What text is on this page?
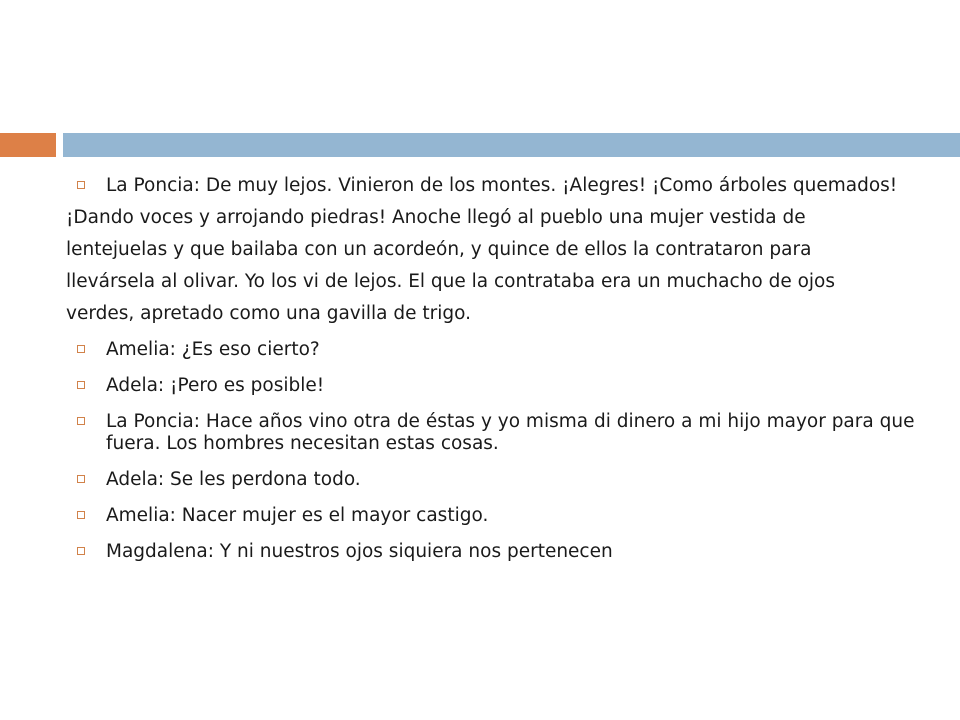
La Poncia: De muy lejos. Vinieron de los montes. ¡Alegres! ¡Como árboles quemados!
¡Dando voces y arrojando piedras! Anoche llegó al pueblo una mujer vestida de
lentejuelas y que bailaba con un acordeón, y quince de ellos la contrataron para
llevársela al olivar. Yo los vi de lejos. El que la contrataba era un muchacho de ojos
verdes, apretado como una gavilla de trigo.
Amelia: ¿Es eso cierto?
Adela: ¡Pero es posible!
La Poncia: Hace años vino otra de éstas y yo misma di dinero a mi hijo mayor para que fuera. Los hombres necesitan estas cosas.
Adela: Se les perdona todo.
Amelia: Nacer mujer es el mayor castigo.
Magdalena: Y ni nuestros ojos siquiera nos pertenecen
